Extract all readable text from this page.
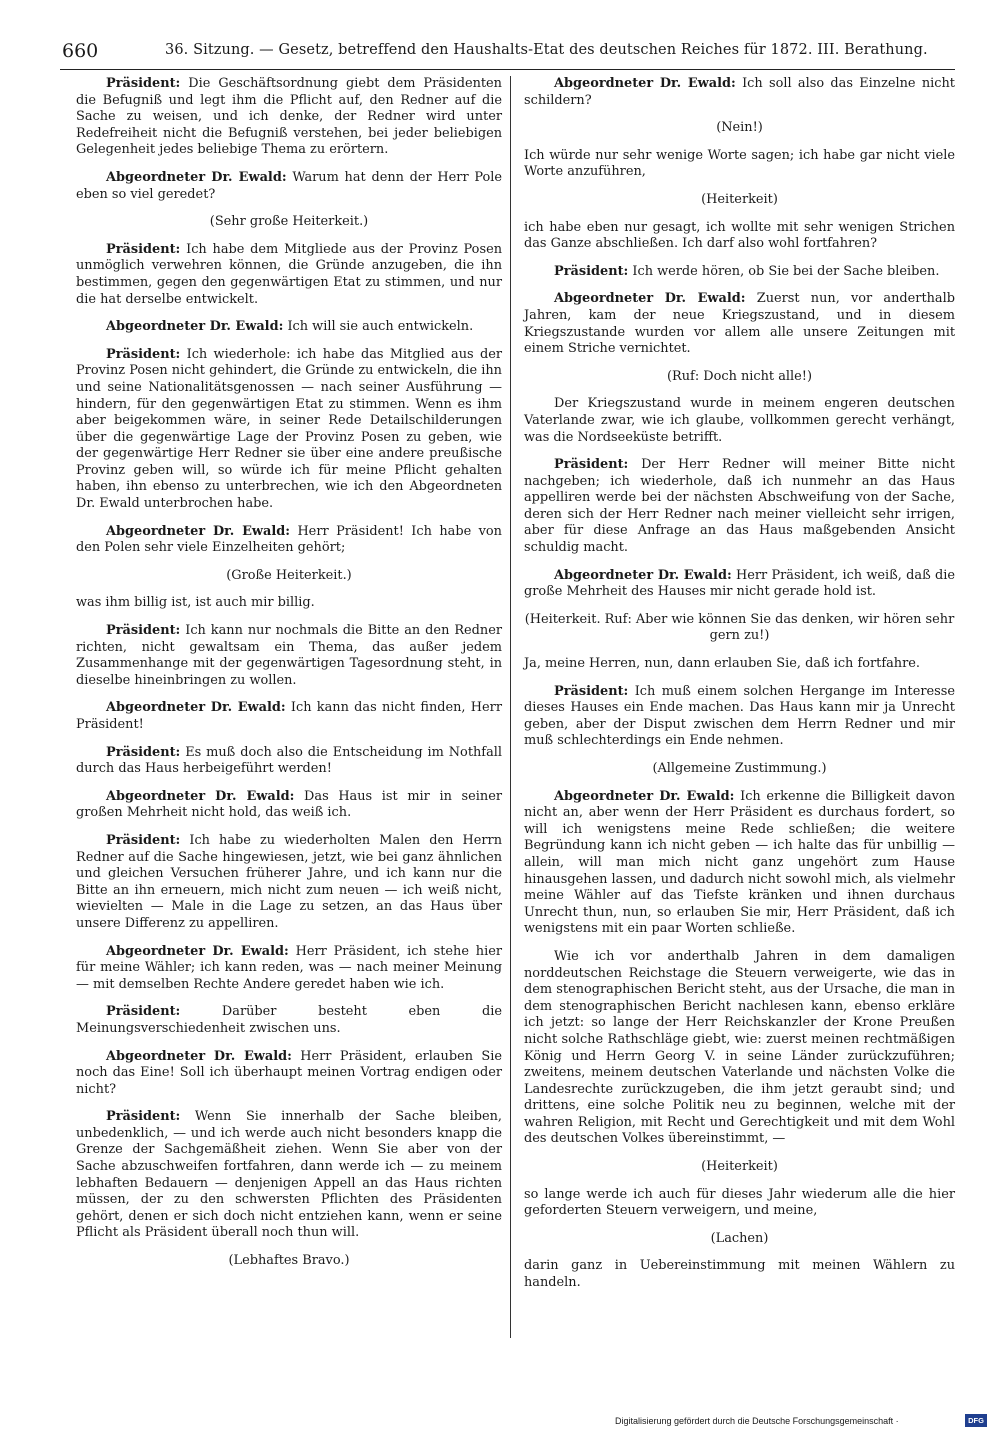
660	36. Sitzung. — Gesetz, betreffend den Haushalts-Etat des deutschen Reiches für 1872. III. Berathung.

Präsident: Die Geschäftsordnung giebt dem Präsidenten die Befugniß und legt ihm die Pflicht auf, den Redner auf die Sache zu weisen, und ich denke, der Redner wird unter Redefreiheit nicht die Befugniß verstehen, bei jeder beliebigen Gelegenheit jedes beliebige Thema zu erörtern.

Abgeordneter Dr. Ewald: Warum hat denn der Herr Pole eben so viel geredet?

(Sehr große Heiterkeit.)

Präsident: Ich habe dem Mitgliede aus der Provinz Posen unmöglich verwehren können, die Gründe anzugeben, die ihn bestimmen, gegen den gegenwärtigen Etat zu stimmen, und nur die hat derselbe entwickelt.

Abgeordneter Dr. Ewald: Ich will sie auch entwickeln.

Präsident: Ich wiederhole: ich habe das Mitglied aus der Provinz Posen nicht gehindert, die Gründe zu entwickeln, die ihn und seine Nationalitätsgenossen — nach seiner Ausführung — hindern, für den gegenwärtigen Etat zu stimmen. Wenn es ihm aber beigekommen wäre, in seiner Rede Detailschilderungen über die gegenwärtige Lage der Provinz Posen zu geben, wie der gegenwärtige Herr Redner sie über eine andere preußische Provinz geben will, so würde ich für meine Pflicht gehalten haben, ihn ebenso zu unterbrechen, wie ich den Abgeordneten Dr. Ewald unterbrochen habe.

Abgeordneter Dr. Ewald: Herr Präsident! Ich habe von den Polen sehr viele Einzelheiten gehört;

(Große Heiterkeit.)

was ihm billig ist, ist auch mir billig.

Präsident: Ich kann nur nochmals die Bitte an den Redner richten, nicht gewaltsam ein Thema, das außer jedem Zusammenhange mit der gegenwärtigen Tagesordnung steht, in dieselbe hineinbringen zu wollen.

Abgeordneter Dr. Ewald: Ich kann das nicht finden, Herr Präsident!

Präsident: Es muß doch also die Entscheidung im Nothfall durch das Haus herbeigeführt werden!

Abgeordneter Dr. Ewald: Das Haus ist mir in seiner großen Mehrheit nicht hold, das weiß ich.

Präsident: Ich habe zu wiederholten Malen den Herrn Redner auf die Sache hingewiesen, jetzt, wie bei ganz ähnlichen und gleichen Versuchen früherer Jahre, und ich kann nur die Bitte an ihn erneuern, mich nicht zum neuen — ich weiß nicht, wievielten — Male in die Lage zu setzen, an das Haus über unsere Differenz zu appelliren.

Abgeordneter Dr. Ewald: Herr Präsident, ich stehe hier für meine Wähler; ich kann reden, was — nach meiner Meinung — mit demselben Rechte Andere geredet haben wie ich.

Präsident: Darüber besteht eben die Meinungsverschiedenheit zwischen uns.

Abgeordneter Dr. Ewald: Herr Präsident, erlauben Sie noch das Eine! Soll ich überhaupt meinen Vortrag endigen oder nicht?

Präsident: Wenn Sie innerhalb der Sache bleiben, unbedenklich, — und ich werde auch nicht besonders knapp die Grenze der Sachgemäßheit ziehen. Wenn Sie aber von der Sache abzuschweifen fortfahren, dann werde ich — zu meinem lebhaften Bedauern — denjenigen Appell an das Haus richten müssen, der zu den schwersten Pflichten des Präsidenten gehört, denen er sich doch nicht entziehen kann, wenn er seine Pflicht als Präsident überall noch thun will.

(Lebhaftes Bravo.)

Abgeordneter Dr. Ewald: Ich soll also das Einzelne nicht schildern?

(Nein!)

Ich würde nur sehr wenige Worte sagen; ich habe gar nicht viele Worte anzuführen,

(Heiterkeit)

ich habe eben nur gesagt, ich wollte mit sehr wenigen Strichen das Ganze abschließen. Ich darf also wohl fortfahren?

Präsident: Ich werde hören, ob Sie bei der Sache bleiben.

Abgeordneter Dr. Ewald: Zuerst nun, vor anderthalb Jahren, kam der neue Kriegszustand, und in diesem Kriegszustande wurden vor allem alle unsere Zeitungen mit einem Striche vernichtet.

(Ruf: Doch nicht alle!)

Der Kriegszustand wurde in meinem engeren deutschen Vaterlande zwar, wie ich glaube, vollkommen gerecht verhängt, was die Nordseeküste betrifft.

Präsident: Der Herr Redner will meiner Bitte nicht nachgeben; ich wiederhole, daß ich nunmehr an das Haus appelliren werde bei der nächsten Abschweifung von der Sache, deren sich der Herr Redner nach meiner vielleicht sehr irrigen, aber für diese Anfrage an das Haus maßgebenden Ansicht schuldig macht.

Abgeordneter Dr. Ewald: Herr Präsident, ich weiß, daß die große Mehrheit des Hauses mir nicht gerade hold ist.

(Heiterkeit. Ruf: Aber wie können Sie das denken, wir hören sehr gern zu!)

Ja, meine Herren, nun, dann erlauben Sie, daß ich fortfahre.

Präsident: Ich muß einem solchen Hergange im Interesse dieses Hauses ein Ende machen. Das Haus kann mir ja Unrecht geben, aber der Disput zwischen dem Herrn Redner und mir muß schlechterdings ein Ende nehmen.

(Allgemeine Zustimmung.)

Abgeordneter Dr. Ewald: Ich erkenne die Billigkeit davon nicht an, aber wenn der Herr Präsident es durchaus fordert, so will ich wenigstens meine Rede schließen; die weitere Begründung kann ich nicht geben — ich halte das für unbillig — allein, will man mich nicht ganz ungehört zum Hause hinausgehen lassen, und dadurch nicht sowohl mich, als vielmehr meine Wähler auf das Tiefste kränken und ihnen durchaus Unrecht thun, nun, so erlauben Sie mir, Herr Präsident, daß ich wenigstens mit ein paar Worten schließe.

Wie ich vor anderthalb Jahren in dem damaligen norddeutschen Reichstage die Steuern verweigerte, wie das in dem stenographischen Bericht steht, aus der Ursache, die man in dem stenographischen Bericht nachlesen kann, ebenso erkläre ich jetzt: so lange der Herr Reichskanzler der Krone Preußen nicht solche Rathschläge giebt, wie: zuerst meinen rechtmäßigen König und Herrn Georg V. in seine Länder zurückzuführen; zweitens, meinem deutschen Vaterlande und nächsten Volke die Landesrechte zurückzugeben, die ihm jetzt geraubt sind; und drittens, eine solche Politik neu zu beginnen, welche mit der wahren Religion, mit Recht und Gerechtigkeit und mit dem Wohl des deutschen Volkes übereinstimmt, —

(Heiterkeit)

so lange werde ich auch für dieses Jahr wiederum alle die hier geforderten Steuern verweigern, und meine,

(Lachen)

darin ganz in Uebereinstimmung mit meinen Wählern zu handeln.

Digitalisierung gefördert durch die Deutsche Forschungsgemeinschaft ·	DFG
